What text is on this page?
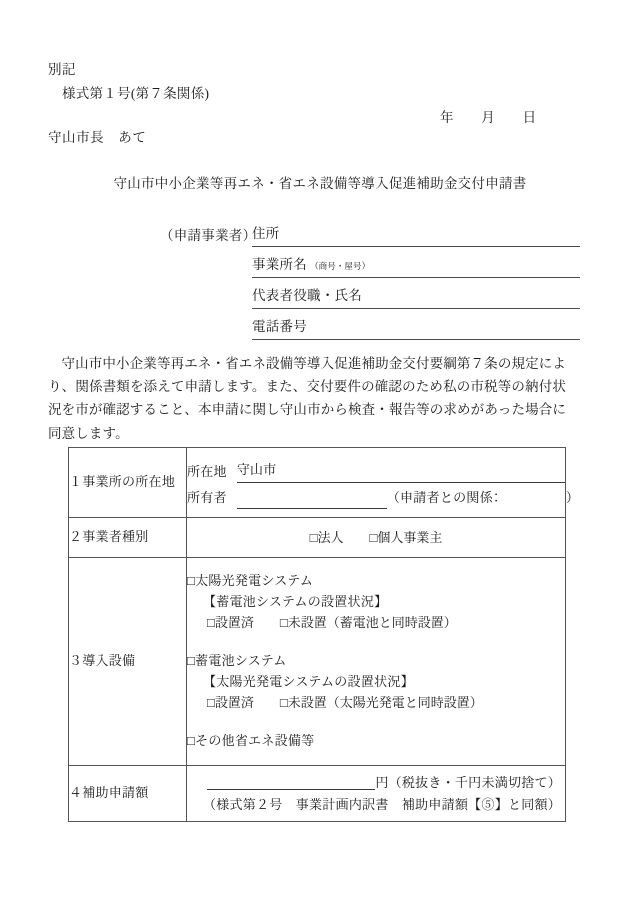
別記
様式第１号(第７条関係)
年　　月　　日
守山市長　あて
守山市中小企業等再エネ・省エネ設備等導入促進補助金交付申請書
（申請事業者）
住所
事業所名 （商号・屋号）
代表者役職・氏名
電話番号
守山市中小企業等再エネ・省エネ設備等導入促進補助金交付要綱第７条の規定により、関係書類を添えて申請します。また、交付要件の確認のため私の市税等の納付状況を市が確認すること、本申請に関し守山市から検査・報告等の求めがあった場合に同意します。
１事業所の所在地	所在地 守山市
所有者 （申請者との関係：　　　　　）

２事業者種別	□法人 □個人事業主

３導入設備	
□太陽光発電システム
【蓄電池システムの設置状況】
□設置済 □未設置（蓄電池と同時設置）
□蓄電池システム
【太陽光発電システムの設置状況】
□設置済 □未設置（太陽光発電と同時設置）
□その他省エネ設備等

４補助申請額	円（税抜き・千円未満切捨て）
（様式第２号　事業計画内訳書　補助申請額【⑤】と同額）
